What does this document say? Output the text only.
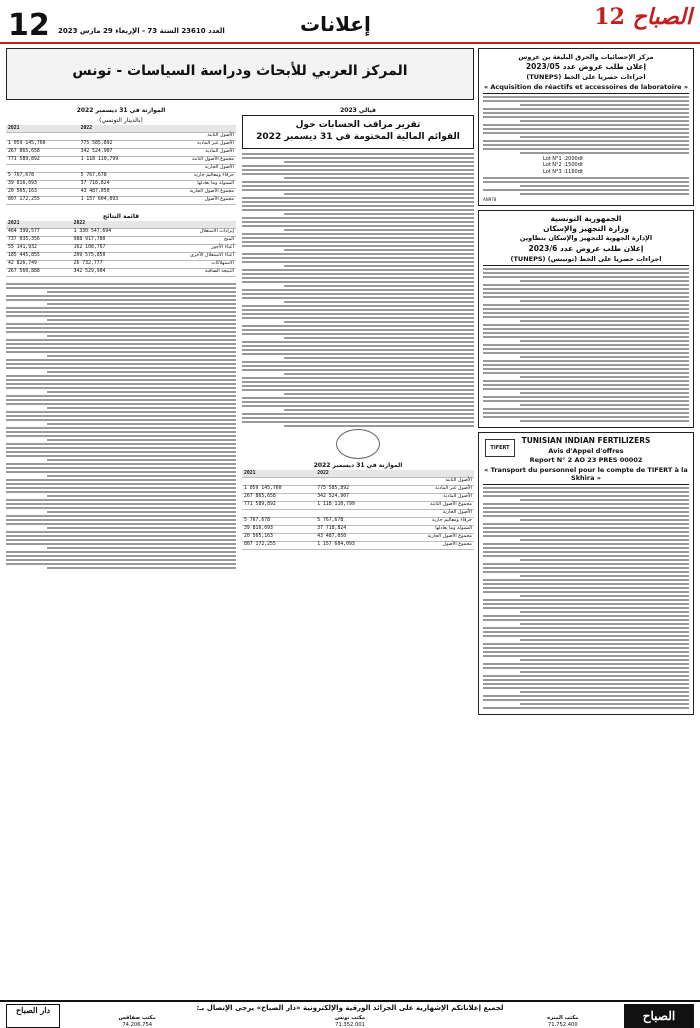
12 العدد 23610 السنة 73 - الإربعاء 29 مارس 2023	إعلانات	12 الصباح
مركز الإحصائيات والحرق البليغة بن عروس
إعلان طلب عروض عدد 2023/05
اجراءات حصريا على الخط (TUNEPS)
« Acquisition de réactifs et accessoires de laboratoire »
Lot N°1 :2000dt
Lot N°2 :1500dt
Lot N°3 :1160dt
AN978
الجمهورية التونسية
وزارة التجهيز والإسكان
الإدارة الجهوية للتجهيز والإسكان بتطاوين
إعلان طلب عروض عدد 2023/6
اجراءات حصريا على الخط (تونيبس) (TUNEPS)
TIFERT
TUNISIAN INDIAN FERTILIZERS
Avis d'Appel d'offres
Report N° 2 AO 23 PRES 00002
« Transport du personnel pour le compte de TIFERT à la Skhira »
المركز العربي للأبحاث ودراسة السياسات - تونس
الموازنة في 31 ديسمبر 2022
(بالدينار التونسي)
2021	2022	
		الأصول الثابتة
1 059 145,760	775 585,892	الأصول غير المادية
267 865,658	342 524,907	الأصول المادية
771 589,892	1 118 110,799	مجموع الأصول الثابتة
		الأصول الجارية
5 767,678	5 767,678	حرفاء ومعاليم جارية
39 816,093	37 718,824	السيولة وما يعادلها
20 565,163	43 487,050	مجموع الأصول الجارية
807 172,255	1 157 604,093	مجموع الأصول
قائمة النتائج
2021	2022	
464 399,577	1 330 547,694	إيرادات الاستغلال
737 035,356	988 917,780	المنح
55 141,932	162 108,767	أعباء الأجور
185 445,855	209 575,850	أعباء الاستغلال الأخرى
42 826,749	26 732,777	الاستهلاكات
267 560,888	342 529,904	النتيجة الصافية
قيالي 2023
تقرير مراقب الحسابات حول
القوائم المالية المختومة في 31 ديسمبر 2022
الموازنة في 31 ديسمبر 2022
2021	2022	
		الأصول الثابتة
1 059 145,760	775 585,892	الأصول غير المادية
267 865,658	342 524,907	الأصول المادية
771 589,892	1 118 110,799	مجموع الأصول الثابتة
		الأصول الجارية
5 767,678	5 767,678	حرفاء ومعاليم جارية
39 816,093	37 718,824	السيولة وما يعادلها
20 565,163	43 487,050	مجموع الأصول الجارية
807 172,255	1 157 604,093	مجموع الأصول
الصباح
دار الصباح	لجميع إعلاناتكم الإشهارية على الجرائد الورقية والإلكترونية «دار الصباح» يرجى الإتصال بـ:
مكتب المنزه
71.752.400
مكتب تونس
71.352.001
مكتب صفاقس
74.206.754
